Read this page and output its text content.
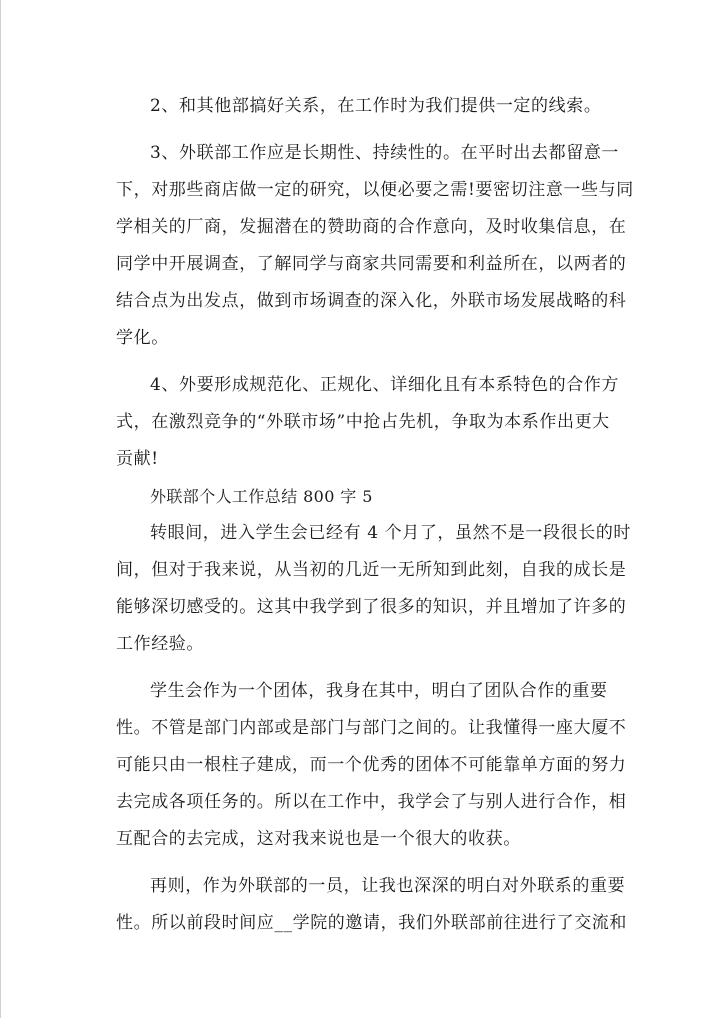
2、和其他部搞好关系，在工作时为我们提供一定的线索。
3、外联部工作应是长期性、持续性的。在平时出去都留意一
下，对那些商店做一定的研究，以便必要之需!要密切注意一些与同
学相关的厂商，发掘潜在的赞助商的合作意向，及时收集信息，在
同学中开展调查，了解同学与商家共同需要和利益所在，以两者的
结合点为出发点，做到市场调查的深入化，外联市场发展战略的科
学化。
4、外要形成规范化、正规化、详细化且有本系特色的合作方
式，在激烈竞争的“外联市场”中抢占先机，争取为本系作出更大
贡献!
外联部个人工作总结 800 字 5
转眼间，进入学生会已经有 4 个月了，虽然不是一段很长的时
间，但对于我来说，从当初的几近一无所知到此刻，自我的成长是
能够深切感受的。这其中我学到了很多的知识，并且增加了许多的
工作经验。
学生会作为一个团体，我身在其中，明白了团队合作的重要
性。不管是部门内部或是部门与部门之间的。让我懂得一座大厦不
可能只由一根柱子建成，而一个优秀的团体不可能靠单方面的努力
去完成各项任务的。所以在工作中，我学会了与别人进行合作，相
互配合的去完成，这对我来说也是一个很大的收获。
再则，作为外联部的一员，让我也深深的明白对外联系的重要
性。所以前段时间应__学院的邀请，我们外联部前往进行了交流和
